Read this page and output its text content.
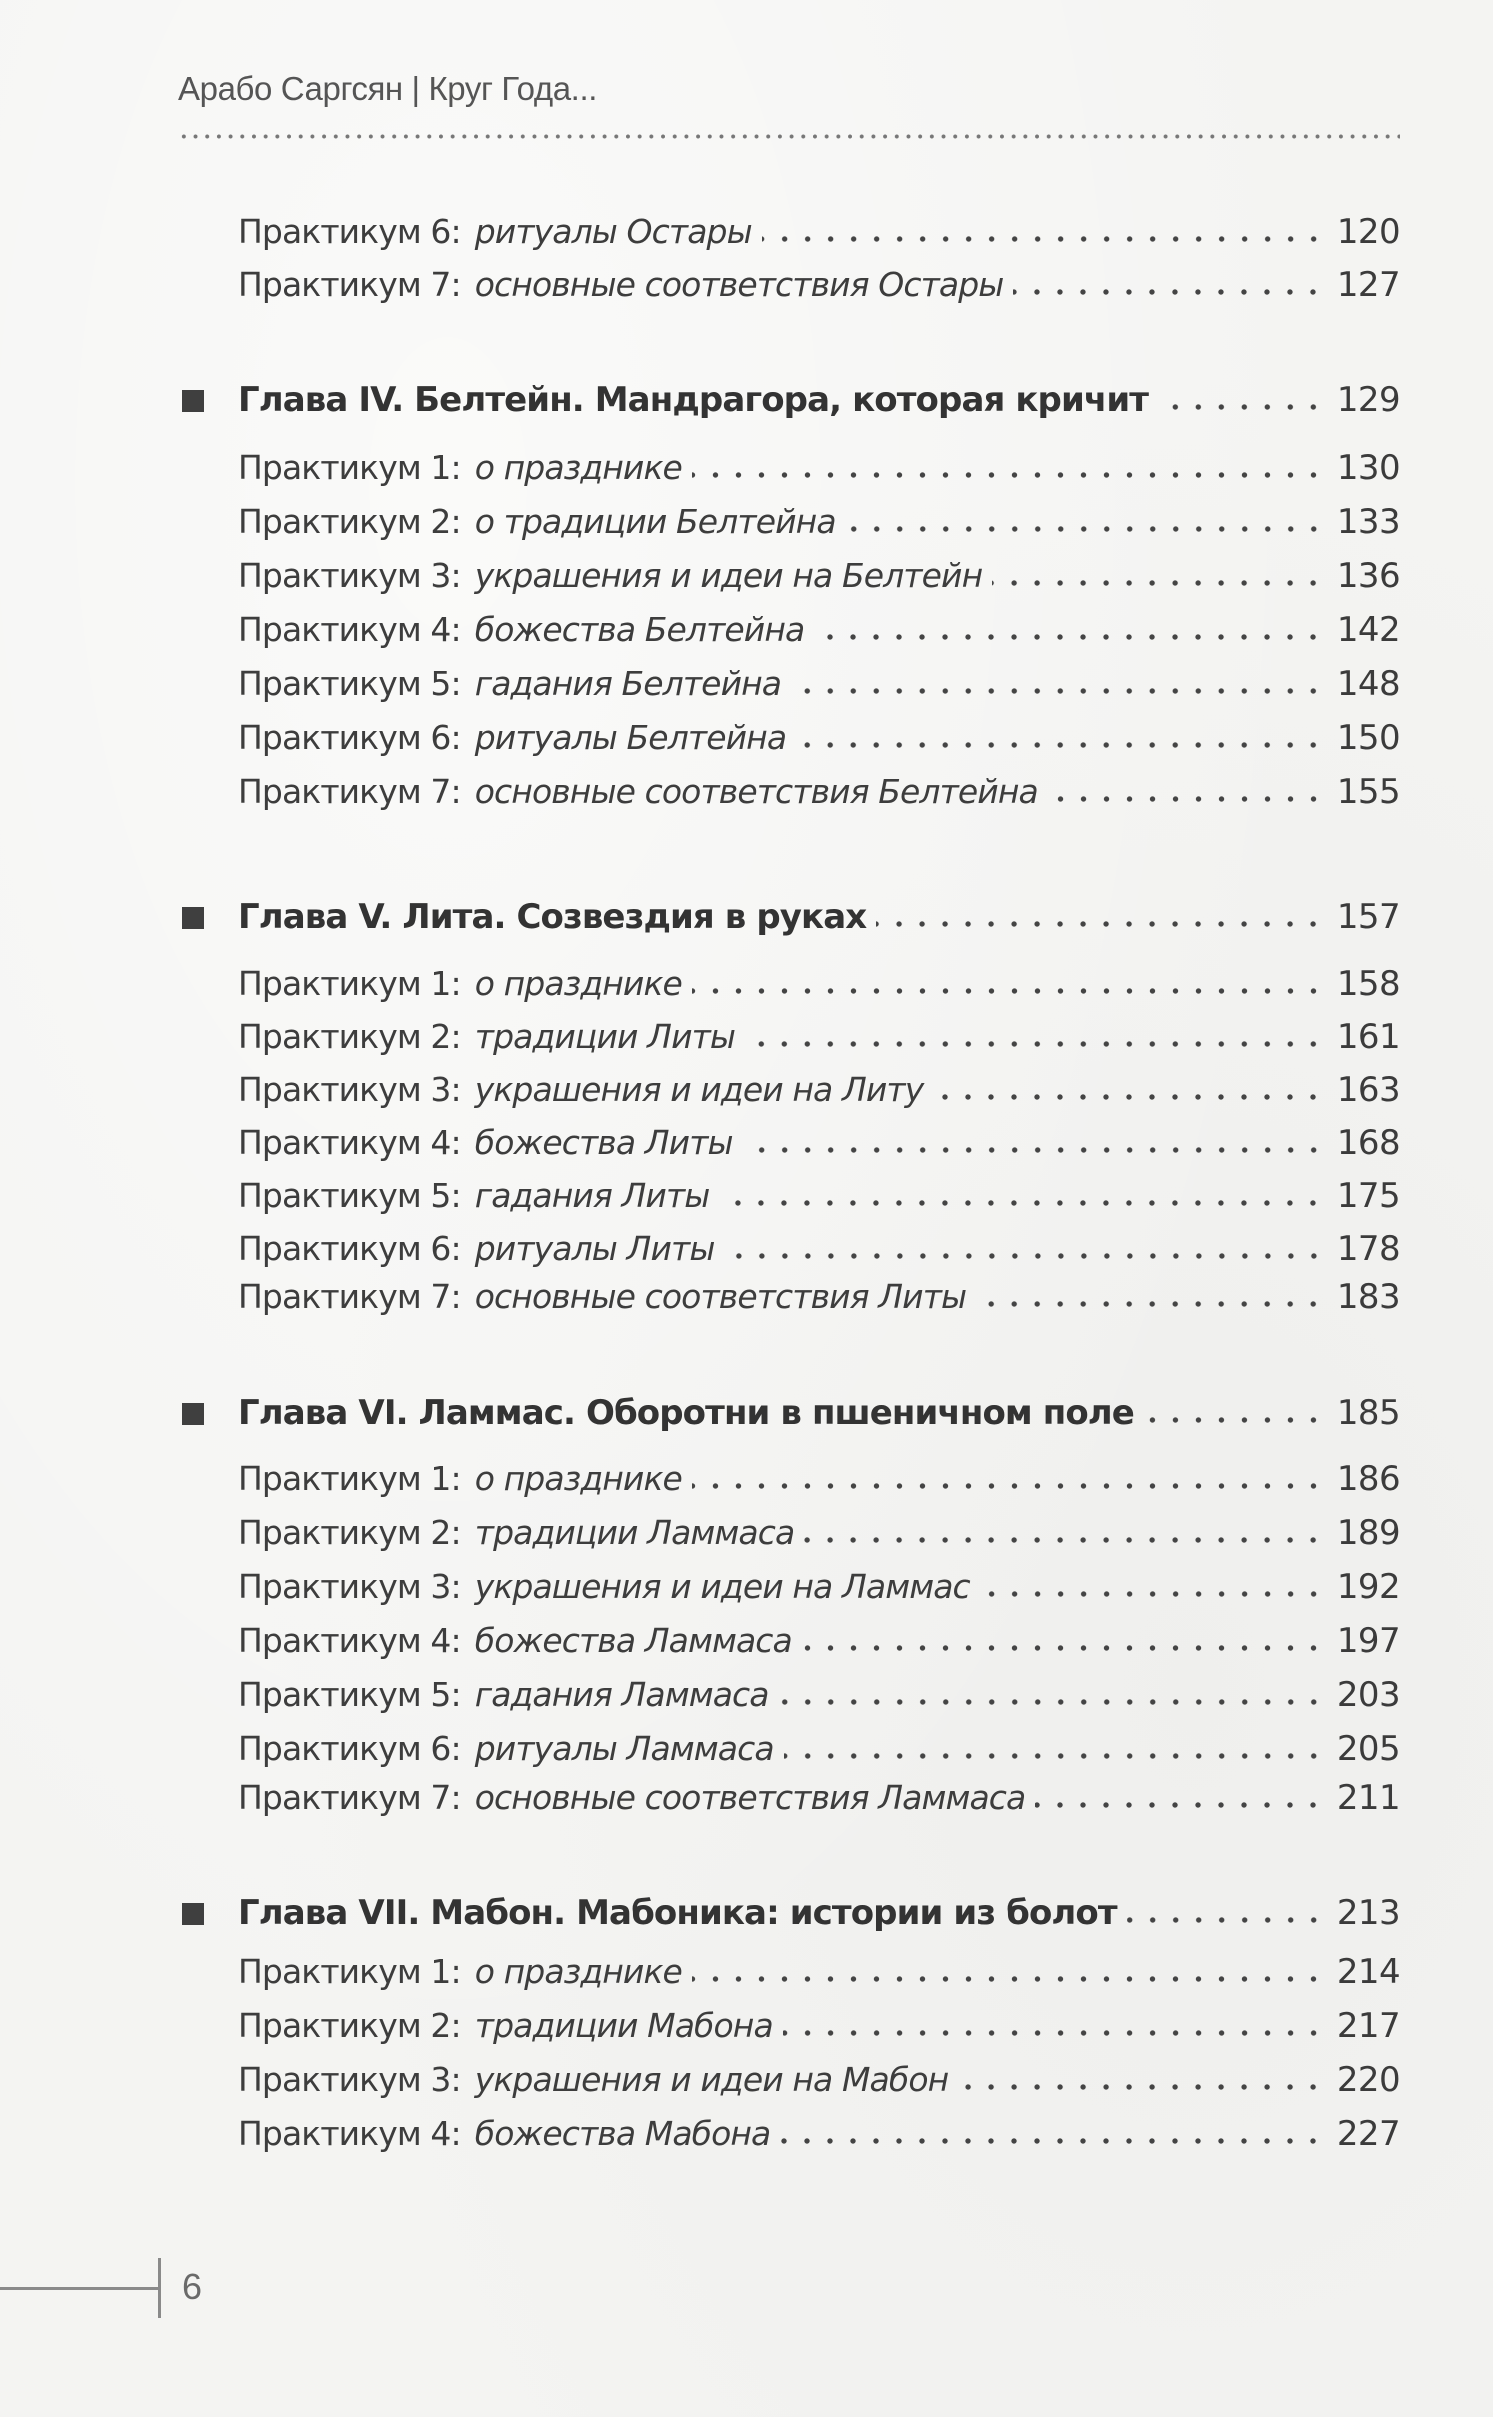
Арабо Саргсян | Круг Года...
Практикум 6: ритуалы Остары	120
Практикум 7: основные соответствия Остары	127
Глава IV. Белтейн. Мандрагора, которая кричит	129
Практикум 1: о празднике	130
Практикум 2: о традиции Белтейна	133
Практикум 3: украшения и идеи на Белтейн	136
Практикум 4: божества Белтейна	142
Практикум 5: гадания Белтейна	148
Практикум 6: ритуалы Белтейна	150
Практикум 7: основные соответствия Белтейна	155
Глава V. Лита. Созвездия в руках	157
Практикум 1: о празднике	158
Практикум 2: традиции Литы	161
Практикум 3: украшения и идеи на Литу	163
Практикум 4: божества Литы	168
Практикум 5: гадания Литы	175
Практикум 6: ритуалы Литы	178
Практикум 7: основные соответствия Литы	183
Глава VI. Ламмас. Оборотни в пшеничном поле	185
Практикум 1: о празднике	186
Практикум 2: традиции Ламмаса	189
Практикум 3: украшения и идеи на Ламмас	192
Практикум 4: божества Ламмаса	197
Практикум 5: гадания Ламмаса	203
Практикум 6: ритуалы Ламмаса	205
Практикум 7: основные соответствия Ламмаса	211
Глава VII. Мабон. Мабоника: истории из болот	213
Практикум 1: о празднике	214
Практикум 2: традиции Мабона	217
Практикум 3: украшения и идеи на Мабон	220
Практикум 4: божества Мабона	227
6
